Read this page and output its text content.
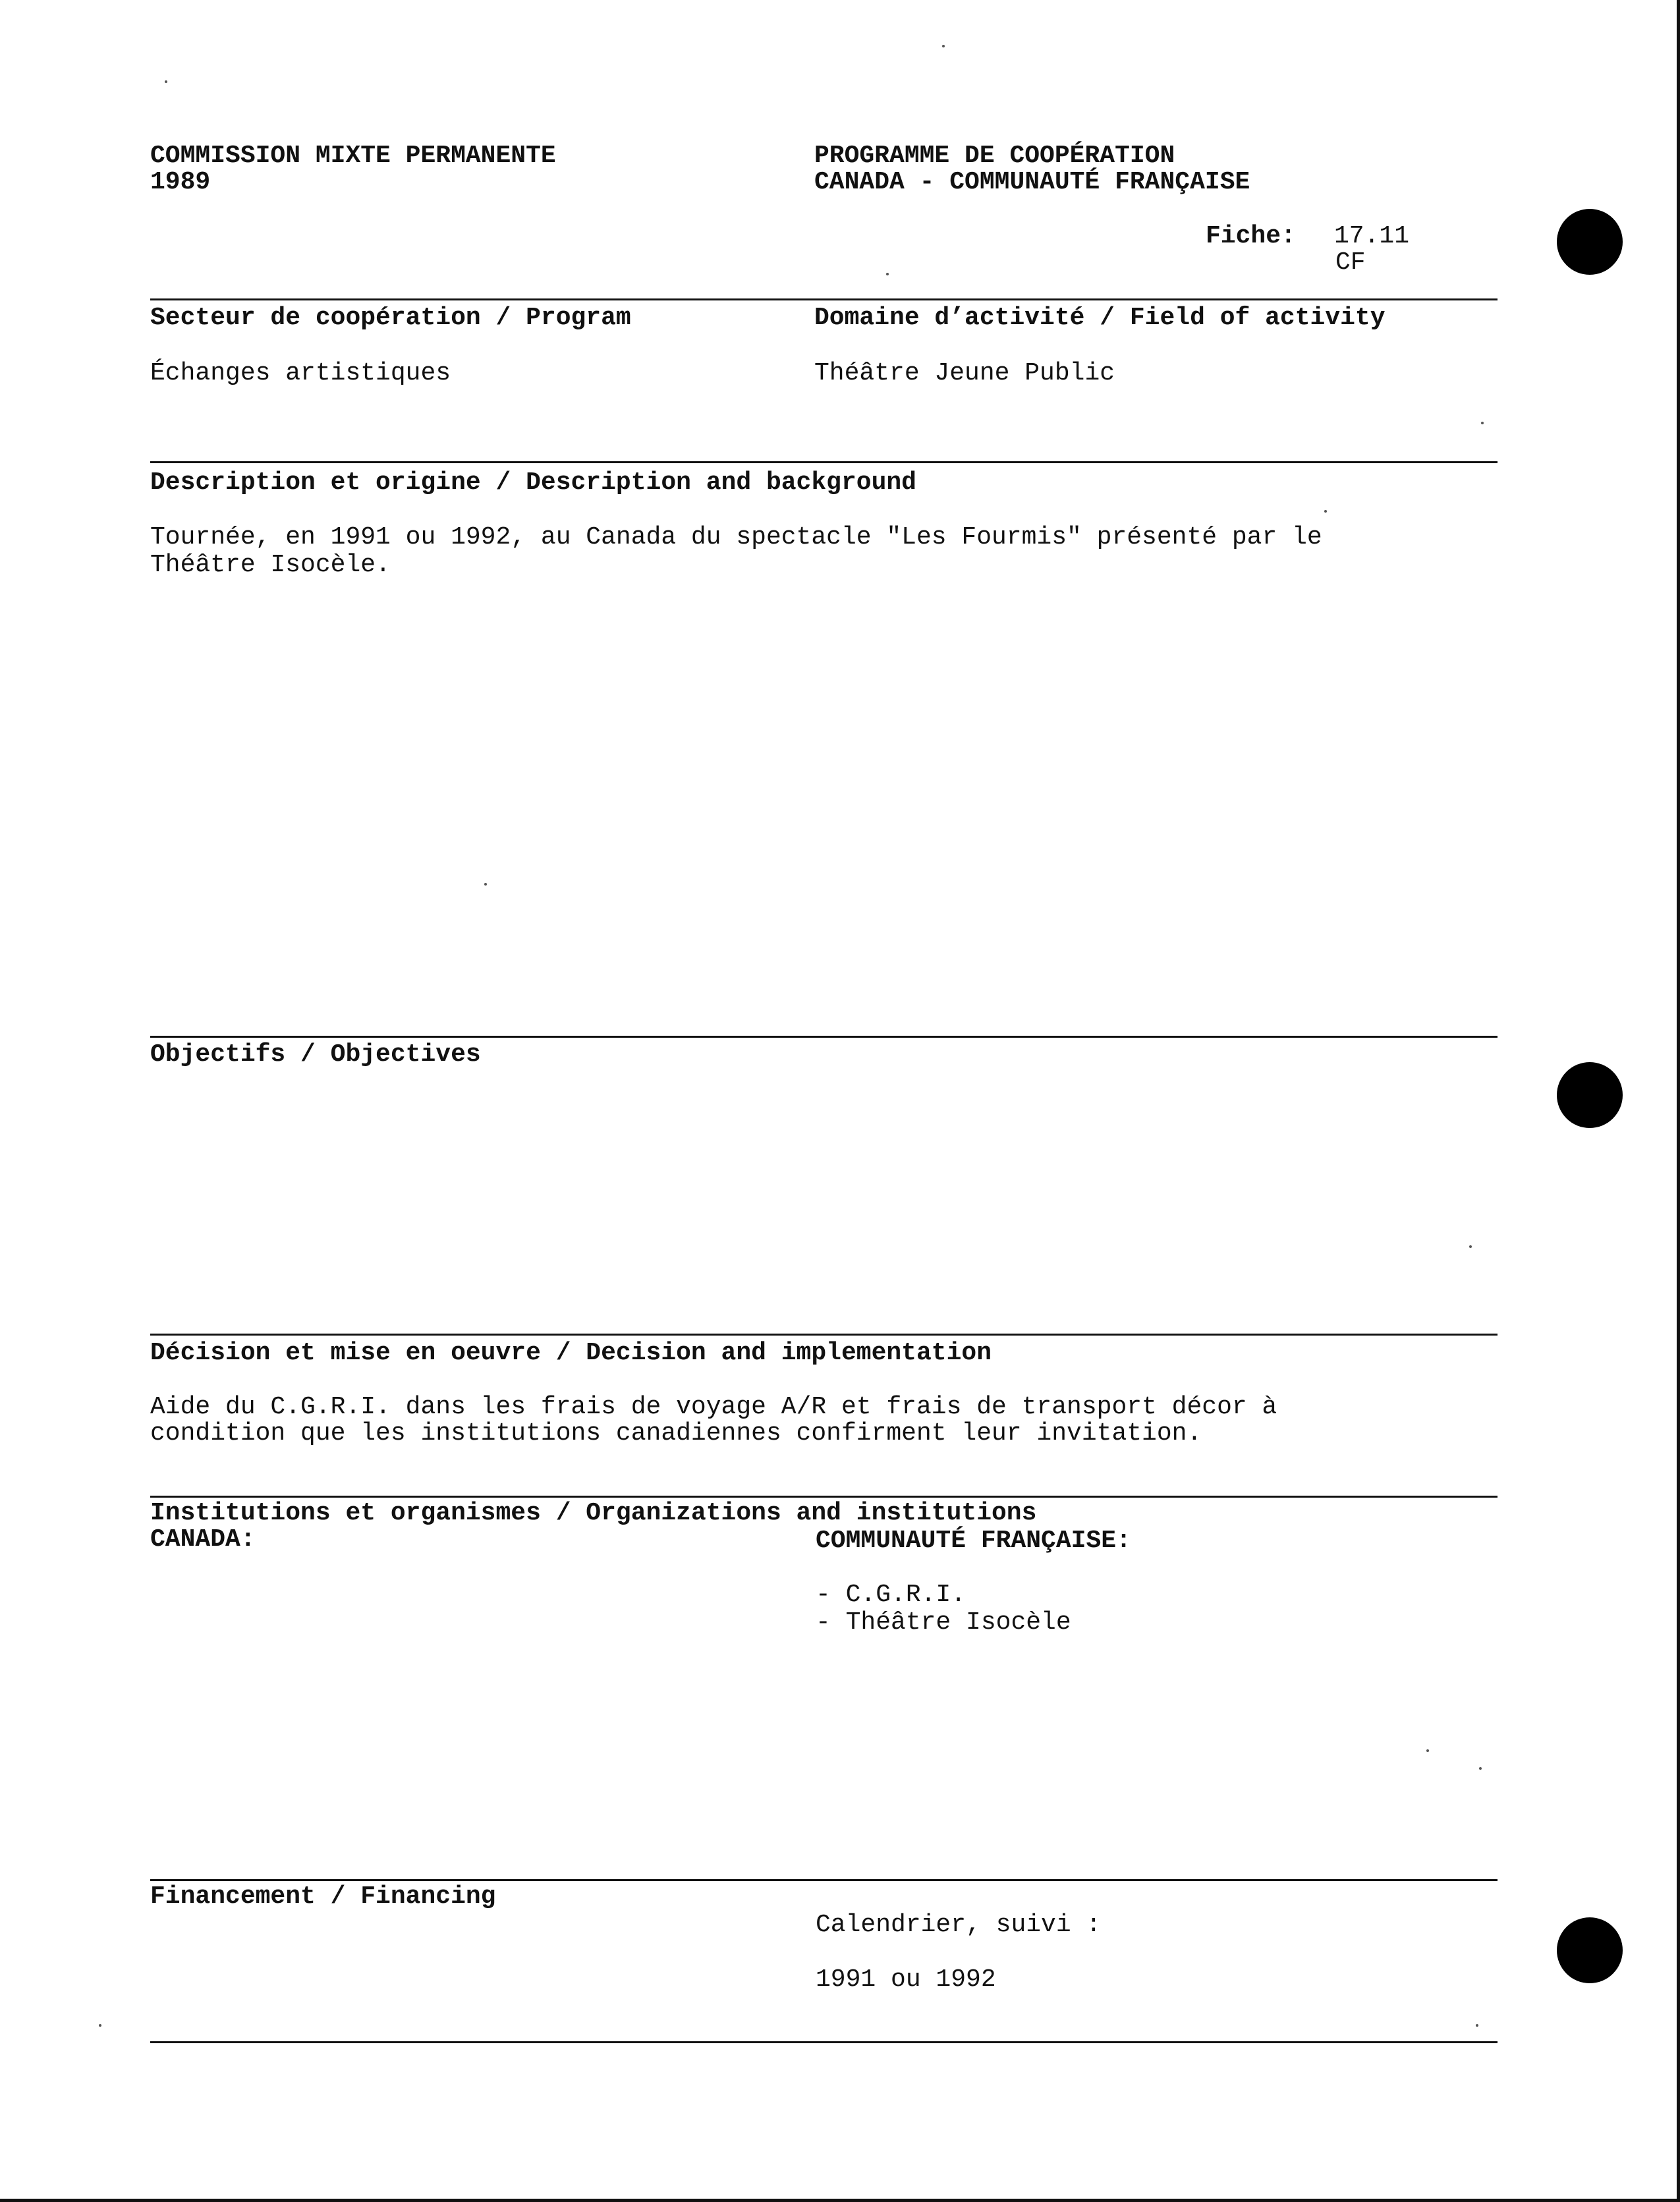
COMMISSION MIXTE PERMANENTE
1989
PROGRAMME DE COOPÉRATION
CANADA - COMMUNAUTÉ FRANÇAISE
Fiche: 17.11
CF
Secteur de coopération / Program	Domaine d’activité / Field of activity
Échanges artistiques	Théâtre Jeune Public
Description et origine / Description and background
Tournée, en 1991 ou 1992, au Canada du spectacle "Les Fourmis" présenté par le
Théâtre Isocèle.
Objectifs / Objectives
Décision et mise en oeuvre / Decision and implementation
Aide du C.G.R.I. dans les frais de voyage A/R et frais de transport décor à
condition que les institutions canadiennes confirment leur invitation.
Institutions et organismes / Organizations and institutions
CANADA:	COMMUNAUTÉ FRANÇAISE:
- C.G.R.I.
- Théâtre Isocèle
Financement / Financing
Calendrier, suivi :
1991 ou 1992
